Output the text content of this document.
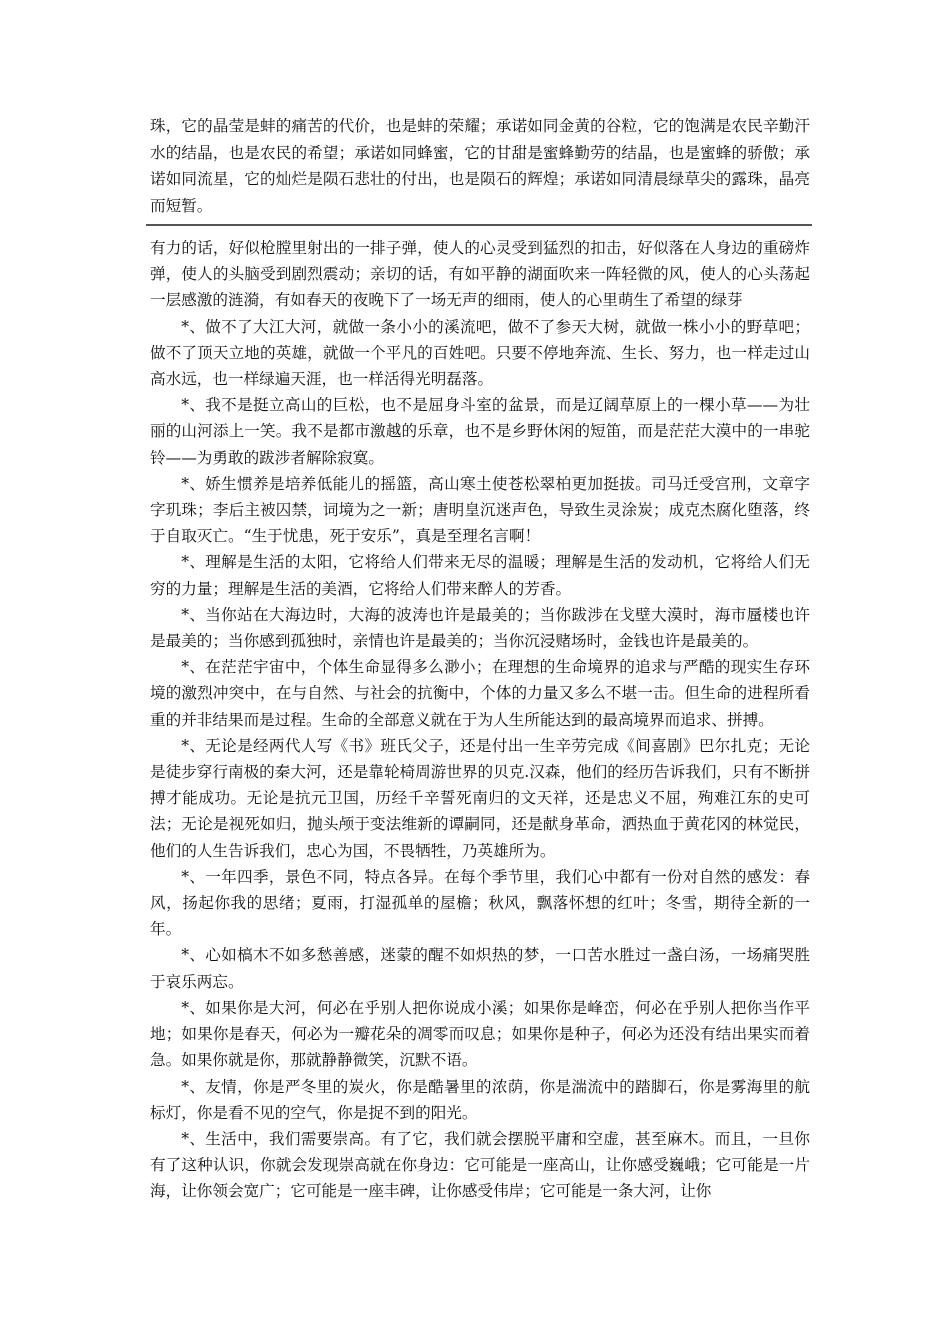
珠，它的晶莹是蚌的痛苦的代价，也是蚌的荣耀；承诺如同金黄的谷粒，它的饱满是农民辛勤汗水的结晶，也是农民的希望；承诺如同蜂蜜，它的甘甜是蜜蜂勤劳的结晶，也是蜜蜂的骄傲；承诺如同流星，它的灿烂是陨石悲壮的付出，也是陨石的辉煌；承诺如同清晨绿草尖的露珠，晶亮而短暂。

有力的话，好似枪膛里射出的一排子弹，使人的心灵受到猛烈的扣击，好似落在人身边的重磅炸弹，使人的头脑受到剧烈震动；亲切的话，有如平静的湖面吹来一阵轻微的风，使人的心头荡起一层感激的涟漪，有如春天的夜晚下了一场无声的细雨，使人的心里萌生了希望的绿芽

*、做不了大江大河，就做一条小小的溪流吧，做不了参天大树，就做一株小小的野草吧；做不了顶天立地的英雄，就做一个平凡的百姓吧。只要不停地奔流、生长、努力，也一样走过山高水远，也一样绿遍天涯，也一样活得光明磊落。

*、我不是挺立高山的巨松，也不是屈身斗室的盆景，而是辽阔草原上的一棵小草——为壮丽的山河添上一笑。我不是都市激越的乐章，也不是乡野休闲的短笛，而是茫茫大漠中的一串驼铃——为勇敢的跋涉者解除寂寞。

*、娇生惯养是培养低能儿的摇篮，高山寒土使苍松翠柏更加挺拔。司马迁受宫刑，文章字字玑珠；李后主被囚禁，词境为之一新；唐明皇沉迷声色，导致生灵涂炭；成克杰腐化堕落，终于自取灭亡。“生于忧患，死于安乐”，真是至理名言啊！

*、理解是生活的太阳，它将给人们带来无尽的温暖；理解是生活的发动机，它将给人们无穷的力量；理解是生活的美酒，它将给人们带来醉人的芳香。

*、当你站在大海边时，大海的波涛也许是最美的；当你跋涉在戈壁大漠时，海市蜃楼也许是最美的；当你感到孤独时，亲情也许是最美的；当你沉浸赌场时，金钱也许是最美的。

*、在茫茫宇宙中，个体生命显得多么渺小；在理想的生命境界的追求与严酷的现实生存环境的激烈冲突中，在与自然、与社会的抗衡中，个体的力量又多么不堪一击。但生命的进程所看重的并非结果而是过程。生命的全部意义就在于为人生所能达到的最高境界而追求、拼搏。

*、无论是经两代人写《书》班氏父子，还是付出一生辛劳完成《间喜剧》巴尔扎克；无论是徒步穿行南极的秦大河，还是靠轮椅周游世界的贝克.汉森，他们的经历告诉我们，只有不断拼搏才能成功。无论是抗元卫国，历经千辛誓死南归的文天祥，还是忠义不屈，殉难江东的史可法；无论是视死如归，抛头颅于变法维新的谭嗣同，还是献身革命，洒热血于黄花冈的林觉民，他们的人生告诉我们，忠心为国，不畏牺牲，乃英雄所为。

*、一年四季，景色不同，特点各异。在每个季节里，我们心中都有一份对自然的感发：春风，扬起你我的思绪；夏雨，打湿孤单的屋檐；秋风，飘落怀想的红叶；冬雪，期待全新的一年。

*、心如槁木不如多愁善感，迷蒙的醒不如炽热的梦，一口苦水胜过一盏白汤，一场痛哭胜于哀乐两忘。

*、如果你是大河，何必在乎别人把你说成小溪；如果你是峰峦，何必在乎别人把你当作平地；如果你是春天，何必为一瓣花朵的凋零而叹息；如果你是种子，何必为还没有结出果实而着急。如果你就是你，那就静静微笑，沉默不语。

*、友情，你是严冬里的炭火，你是酷暑里的浓荫，你是湍流中的踏脚石，你是雾海里的航标灯，你是看不见的空气，你是捉不到的阳光。

*、生活中，我们需要崇高。有了它，我们就会摆脱平庸和空虚，甚至麻木。而且，一旦你有了这种认识，你就会发现崇高就在你身边：它可能是一座高山，让你感受巍峨；它可能是一片海，让你领会宽广；它可能是一座丰碑，让你感受伟岸；它可能是一条大河，让你
